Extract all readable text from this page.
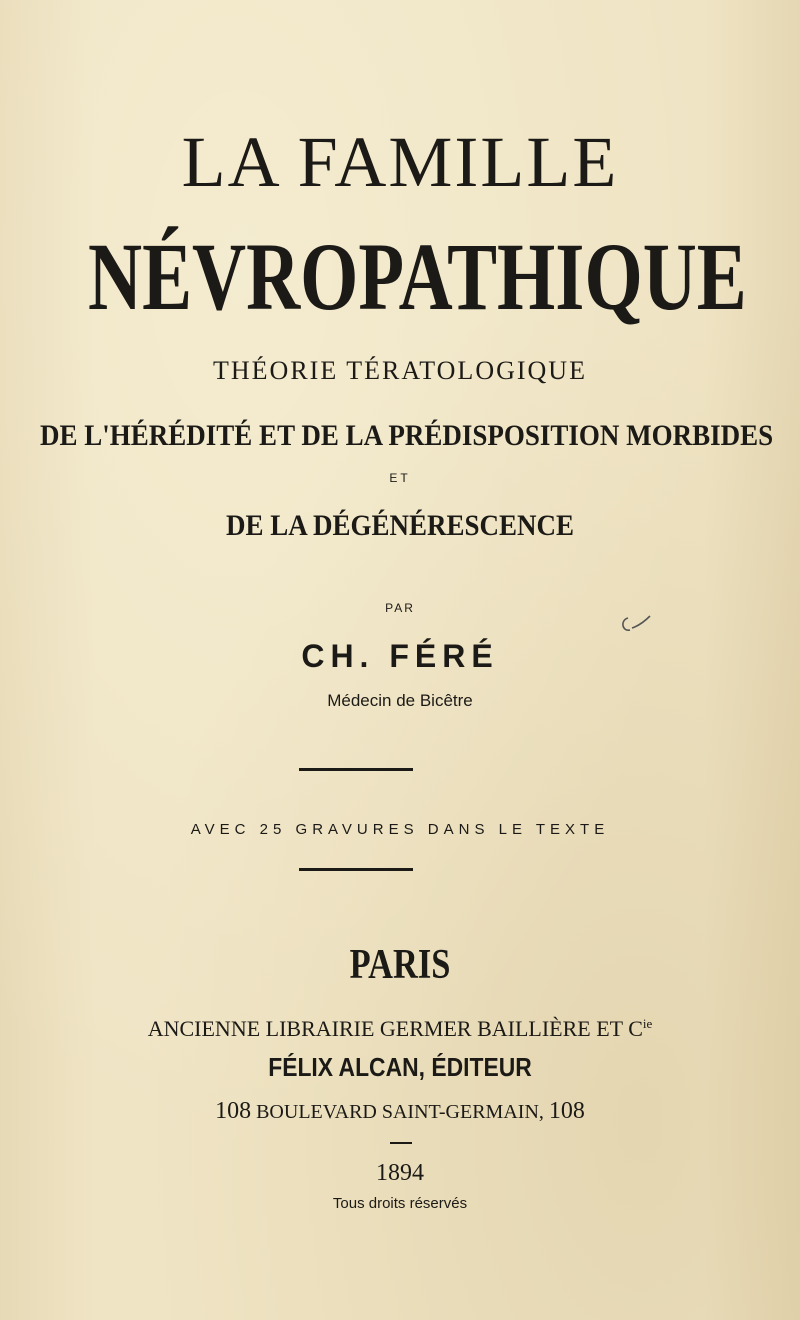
LA FAMILLE
NÉVROPATHIQUE
THÉORIE TÉRATOLOGIQUE
DE L'HÉRÉDITÉ ET DE LA PRÉDISPOSITION MORBIDES
ET
DE LA DÉGÉNÉRESCENCE
PAR
CH. FÉRÉ
Médecin de Bicêtre
AVEC 25 GRAVURES DANS LE TEXTE
PARIS
ANCIENNE LIBRAIRIE GERMER BAILLIÈRE ET $C^{ie}$
FÉLIX ALCAN, ÉDITEUR
108 BOULEVARD SAINT-GERMAIN, 108
1894
Tous droits réservés
